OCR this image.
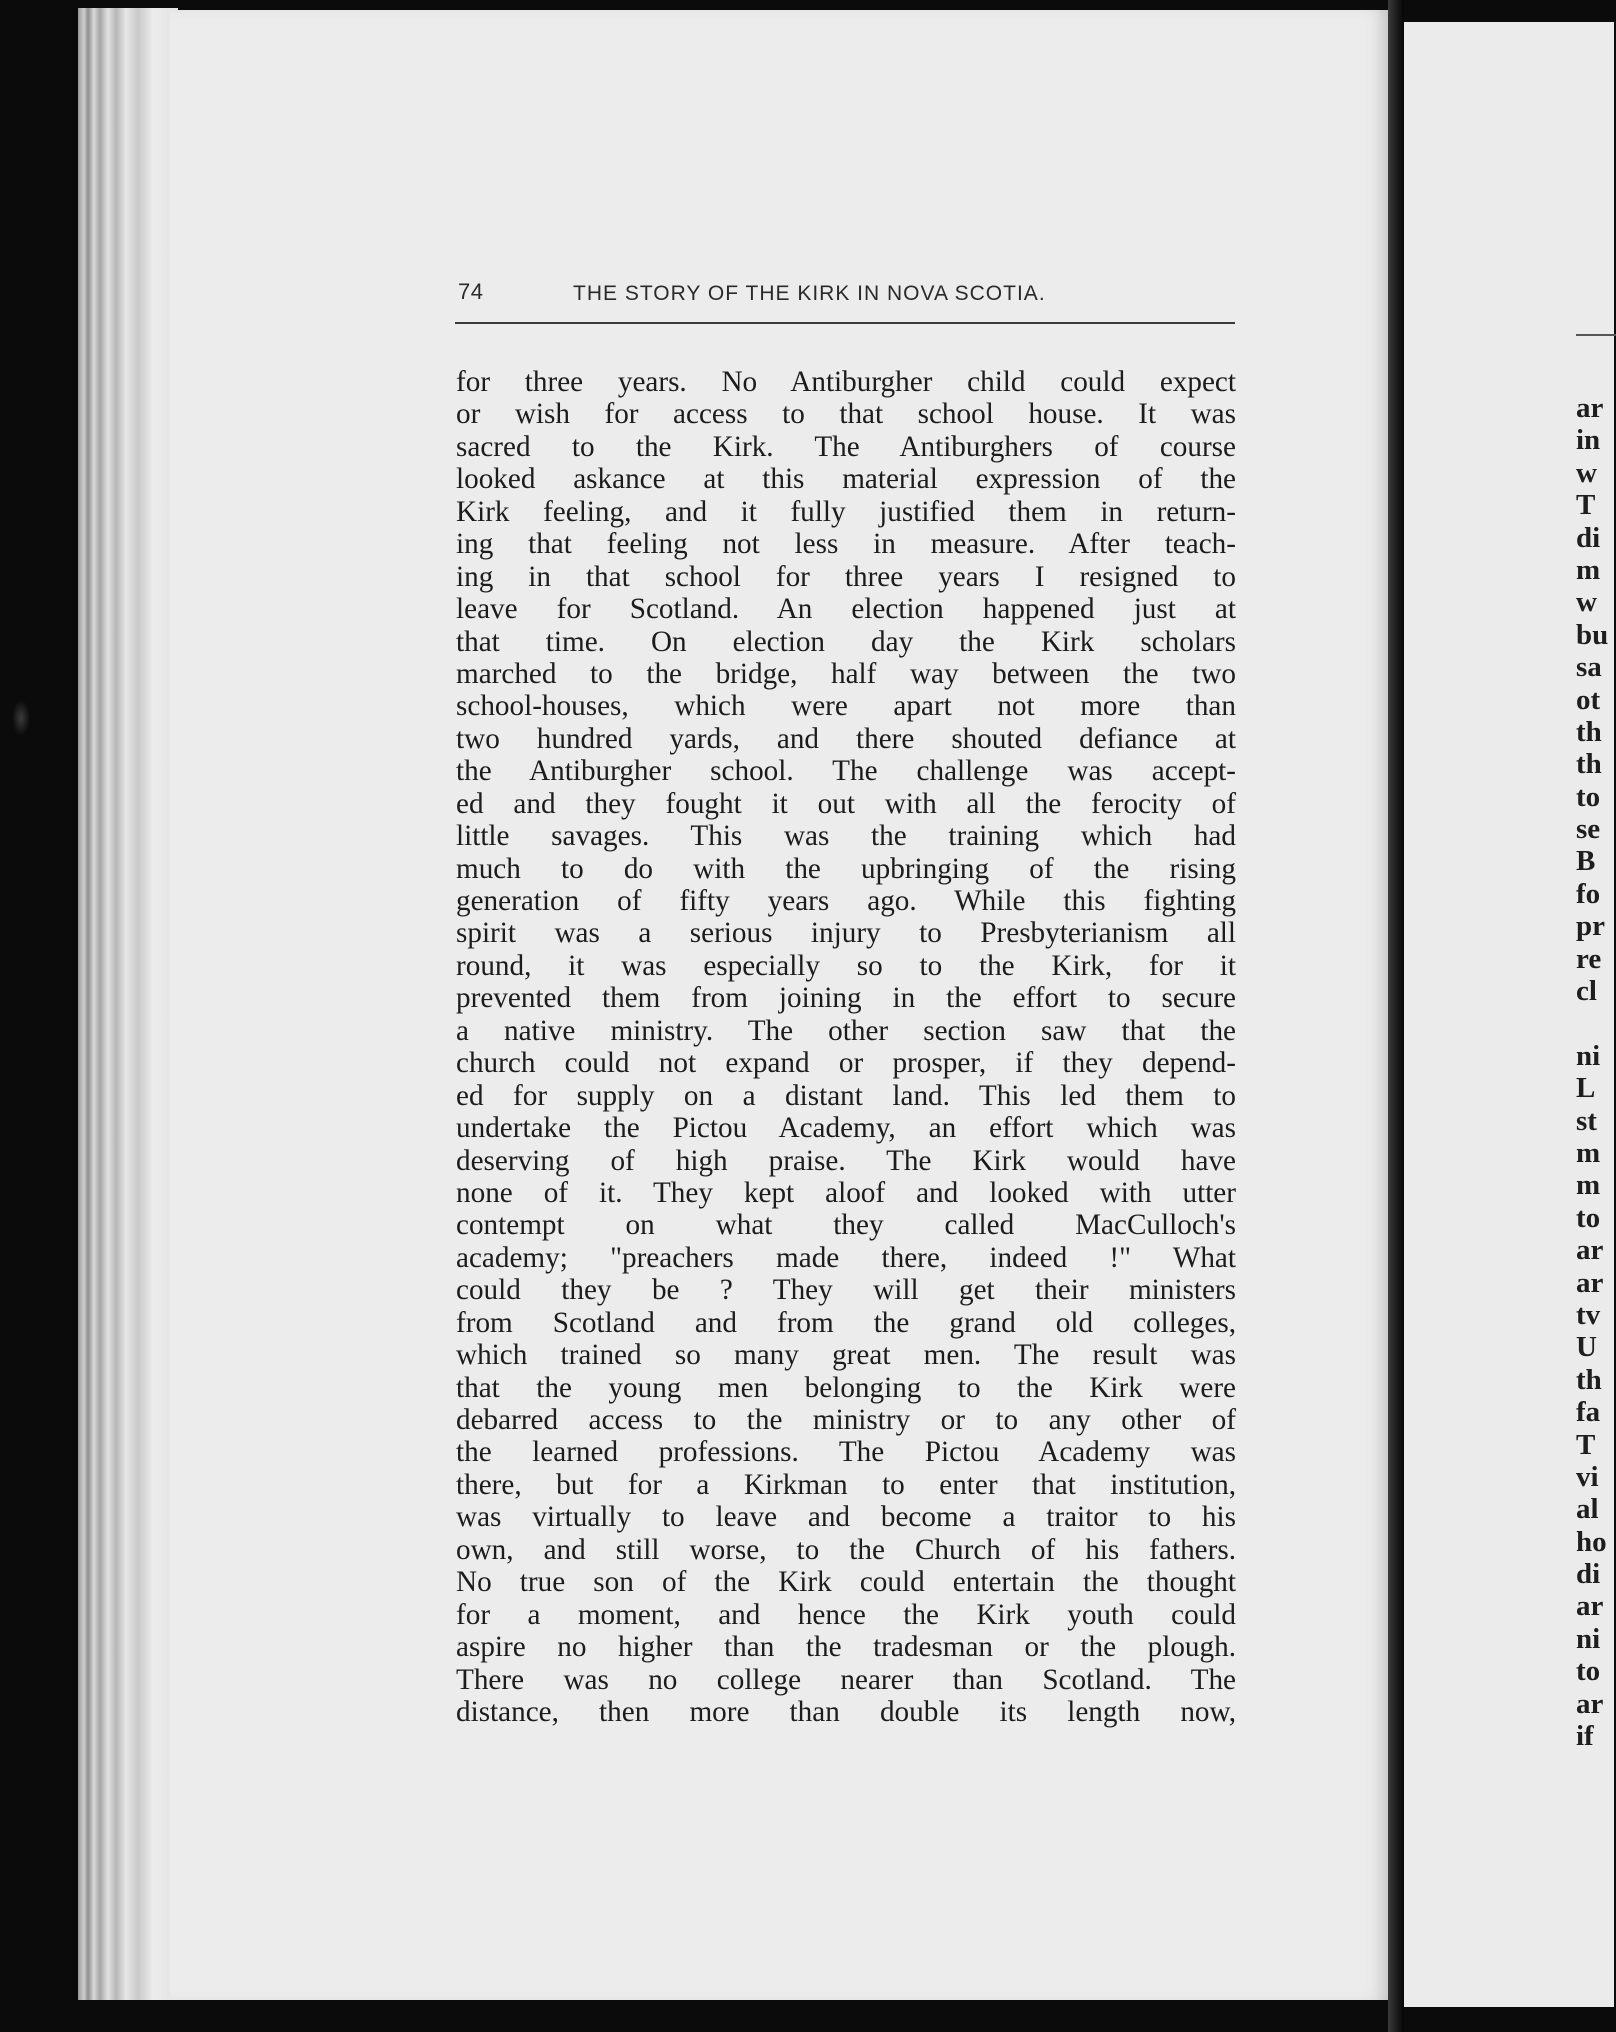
74	THE STORY OF THE KIRK IN NOVA SCOTIA.
for three years. No Antiburgher child could expect
or wish for access to that school house. It was
sacred to the Kirk. The Antiburghers of course
looked askance at this material expression of the
Kirk feeling, and it fully justified them in return-
ing that feeling not less in measure. After teach-
ing in that school for three years I resigned to
leave for Scotland. An election happened just at
that time. On election day the Kirk scholars
marched to the bridge, half way between the two
school-houses, which were apart not more than
two hundred yards, and there shouted defiance at
the Antiburgher school. The challenge was accept-
ed and they fought it out with all the ferocity of
little savages. This was the training which had
much to do with the upbringing of the rising
generation of fifty years ago. While this fighting
spirit was a serious injury to Presbyterianism all
round, it was especially so to the Kirk, for it
prevented them from joining in the effort to secure
a native ministry. The other section saw that the
church could not expand or prosper, if they depend-
ed for supply on a distant land. This led them to
undertake the Pictou Academy, an effort which was
deserving of high praise. The Kirk would have
none of it. They kept aloof and looked with utter
contempt on what they called MacCulloch's
academy; "preachers made there, indeed !" What
could they be ? They will get their ministers
from Scotland and from the grand old colleges,
which trained so many great men. The result was
that the young men belonging to the Kirk were
debarred access to the ministry or to any other of
the learned professions. The Pictou Academy was
there, but for a Kirkman to enter that institution,
was virtually to leave and become a traitor to his
own, and still worse, to the Church of his fathers.
No true son of the Kirk could entertain the thought
for a moment, and hence the Kirk youth could
aspire no higher than the tradesman or the plough.
There was no college nearer than Scotland. The
distance, then more than double its length now,
ar
in
w
T
di
m
w
bu
sa
ot
th
th
to
se
B
fo
pr
re
cl
ni
L
st
m
m
to
ar
ar
tv
U
th
fa
T
vi
al
ho
di
ar
ni
to
ar
if
